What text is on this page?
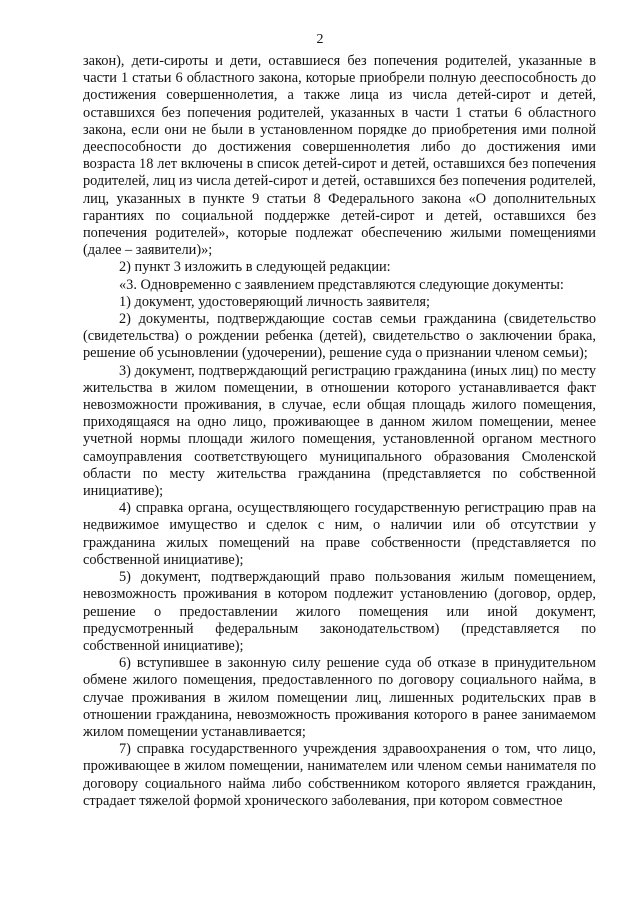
2

закон), дети-сироты и дети, оставшиеся без попечения родителей, указанные в части 1 статьи 6 областного закона, которые приобрели полную дееспособность до достижения совершеннолетия, а также лица из числа детей-сирот и детей, оставшихся без попечения родителей, указанных в части 1 статьи 6 областного закона, если они не были в установленном порядке до приобретения ими полной дееспособности до достижения совершеннолетия либо до достижения ими возраста 18 лет включены в список детей-сирот и детей, оставшихся без попечения родителей, лиц из числа детей-сирот и детей, оставшихся без попечения родителей, лиц, указанных в пункте 9 статьи 8 Федерального закона «О дополнительных гарантиях по социальной поддержке детей-сирот и детей, оставшихся без попечения родителей», которые подлежат обеспечению жилыми помещениями (далее – заявители)»;

2) пункт 3 изложить в следующей редакции:

«3. Одновременно с заявлением представляются следующие документы:

1) документ, удостоверяющий личность заявителя;

2) документы, подтверждающие состав семьи гражданина (свидетельство (свидетельства) о рождении ребенка (детей), свидетельство о заключении брака, решение об усыновлении (удочерении), решение суда о признании членом семьи);

3) документ, подтверждающий регистрацию гражданина (иных лиц) по месту жительства в жилом помещении, в отношении которого устанавливается факт невозможности проживания, в случае, если общая площадь жилого помещения, приходящаяся на одно лицо, проживающее в данном жилом помещении, менее учетной нормы площади жилого помещения, установленной органом местного самоуправления соответствующего муниципального образования Смоленской области по месту жительства гражданина (представляется по собственной инициативе);

4) справка органа, осуществляющего государственную регистрацию прав на недвижимое имущество и сделок с ним, о наличии или об отсутствии у гражданина жилых помещений на праве собственности (представляется по собственной инициативе);

5) документ, подтверждающий право пользования жилым помещением, невозможность проживания в котором подлежит установлению (договор, ордер, решение о предоставлении жилого помещения или иной документ, предусмотренный федеральным законодательством) (представляется по собственной инициативе);

6) вступившее в законную силу решение суда об отказе в принудительном обмене жилого помещения, предоставленного по договору социального найма, в случае проживания в жилом помещении лиц, лишенных родительских прав в отношении гражданина, невозможность проживания которого в ранее занимаемом жилом помещении устанавливается;

7) справка государственного учреждения здравоохранения о том, что лицо, проживающее в жилом помещении, нанимателем или членом семьи нанимателя по договору социального найма либо собственником которого является гражданин, страдает тяжелой формой хронического заболевания, при котором совместное
